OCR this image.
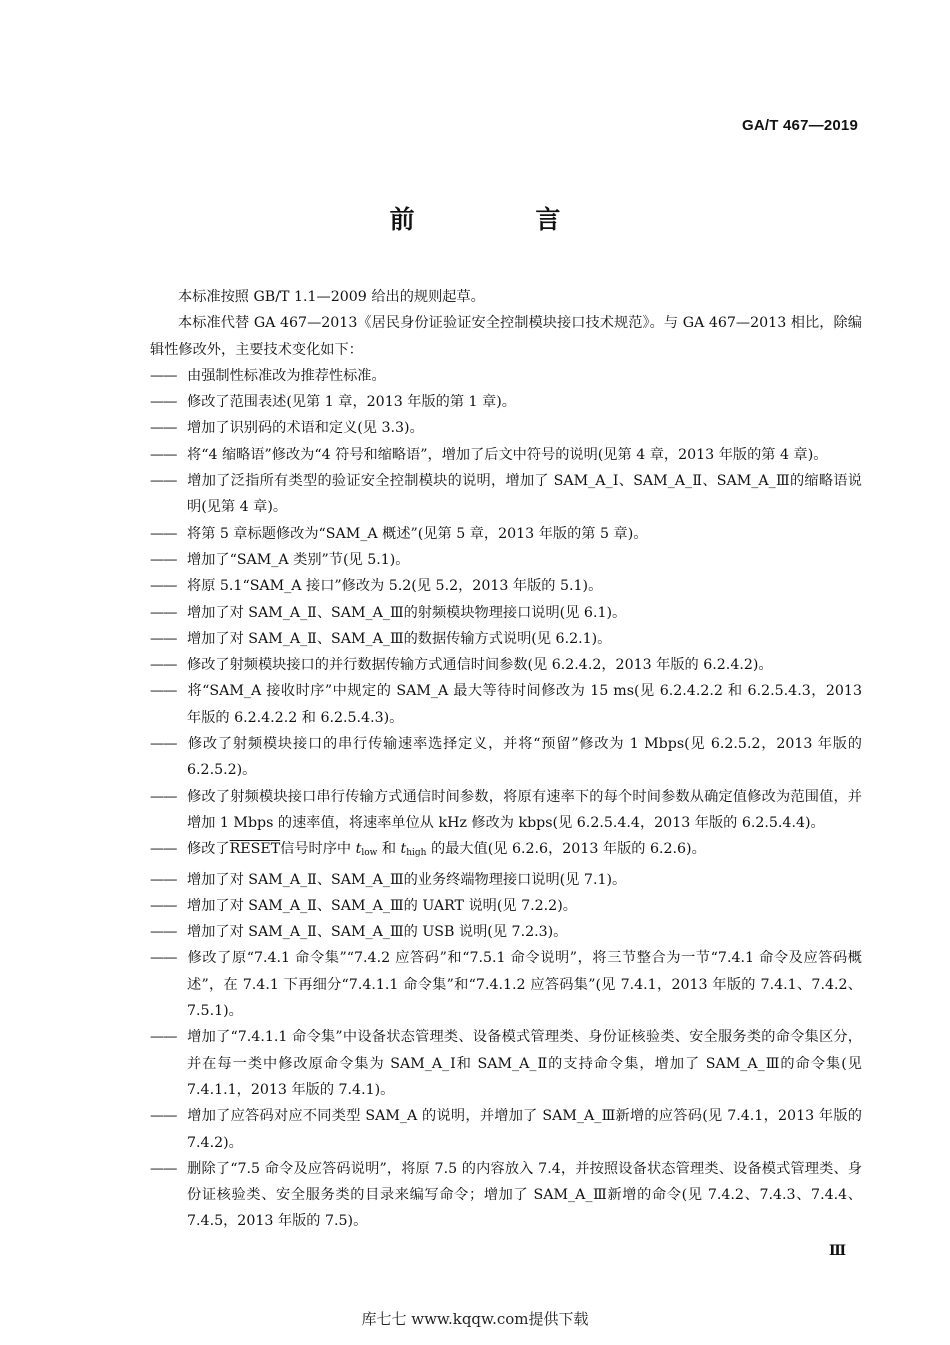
GA/T 467—2019
前 言

本标准按照 GB/T 1.1—2009 给出的规则起草。

本标准代替 GA 467—2013《居民身份证验证安全控制模块接口技术规范》。与 GA 467—2013 相比，除编辑性修改外，主要技术变化如下：

—— 由强制性标准改为推荐性标准。

—— 修改了范围表述(见第 1 章，2013 年版的第 1 章)。

—— 增加了识别码的术语和定义(见 3.3)。

—— 将“4 缩略语”修改为“4 符号和缩略语”，增加了后文中符号的说明(见第 4 章，2013 年版的第 4 章)。

—— 增加了泛指所有类型的验证安全控制模块的说明，增加了 SAM_A_Ⅰ、SAM_A_Ⅱ、SAM_A_Ⅲ的缩略语说明(见第 4 章)。

—— 将第 5 章标题修改为“SAM_A 概述”(见第 5 章，2013 年版的第 5 章)。

—— 增加了“SAM_A 类别”节(见 5.1)。

—— 将原 5.1“SAM_A 接口”修改为 5.2(见 5.2，2013 年版的 5.1)。

—— 增加了对 SAM_A_Ⅱ、SAM_A_Ⅲ的射频模块物理接口说明(见 6.1)。

—— 增加了对 SAM_A_Ⅱ、SAM_A_Ⅲ的数据传输方式说明(见 6.2.1)。

—— 修改了射频模块接口的并行数据传输方式通信时间参数(见 6.2.4.2，2013 年版的 6.2.4.2)。

—— 将“SAM_A 接收时序”中规定的 SAM_A 最大等待时间修改为 15 ms(见 6.2.4.2.2 和 6.2.5.4.3，2013 年版的 6.2.4.2.2 和 6.2.5.4.3)。

—— 修改了射频模块接口的串行传输速率选择定义，并将“预留”修改为 1 Mbps(见 6.2.5.2，2013 年版的 6.2.5.2)。

—— 修改了射频模块接口串行传输方式通信时间参数，将原有速率下的每个时间参数从确定值修改为范围值，并增加 1 Mbps 的速率值，将速率单位从 kHz 修改为 kbps(见 6.2.5.4.4，2013 年版的 6.2.5.4.4)。

—— 修改了RESET信号时序中 $t_{low}$ 和 $t_{high}$ 的最大值(见 6.2.6，2013 年版的 6.2.6)。

—— 增加了对 SAM_A_Ⅱ、SAM_A_Ⅲ的业务终端物理接口说明(见 7.1)。

—— 增加了对 SAM_A_Ⅱ、SAM_A_Ⅲ的 UART 说明(见 7.2.2)。

—— 增加了对 SAM_A_Ⅱ、SAM_A_Ⅲ的 USB 说明(见 7.2.3)。

—— 修改了原“7.4.1 命令集”“7.4.2 应答码”和“7.5.1 命令说明”，将三节整合为一节“7.4.1 命令及应答码概述”，在 7.4.1 下再细分“7.4.1.1 命令集”和“7.4.1.2 应答码集”(见 7.4.1，2013 年版的 7.4.1、7.4.2、7.5.1)。

—— 增加了“7.4.1.1 命令集”中设备状态管理类、设备模式管理类、身份证核验类、安全服务类的命令集区分，并在每一类中修改原命令集为 SAM_A_Ⅰ和 SAM_A_Ⅱ的支持命令集，增加了 SAM_A_Ⅲ的命令集(见 7.4.1.1，2013 年版的 7.4.1)。

—— 增加了应答码对应不同类型 SAM_A 的说明，并增加了 SAM_A_Ⅲ新增的应答码(见 7.4.1，2013 年版的 7.4.2)。

—— 删除了“7.5 命令及应答码说明”，将原 7.5 的内容放入 7.4，并按照设备状态管理类、设备模式管理类、身份证核验类、安全服务类的目录来编写命令；增加了 SAM_A_Ⅲ新增的命令(见 7.4.2、7.4.3、7.4.4、7.4.5，2013 年版的 7.5)。

Ⅲ
库七七 www.kqqw.com提供下载
